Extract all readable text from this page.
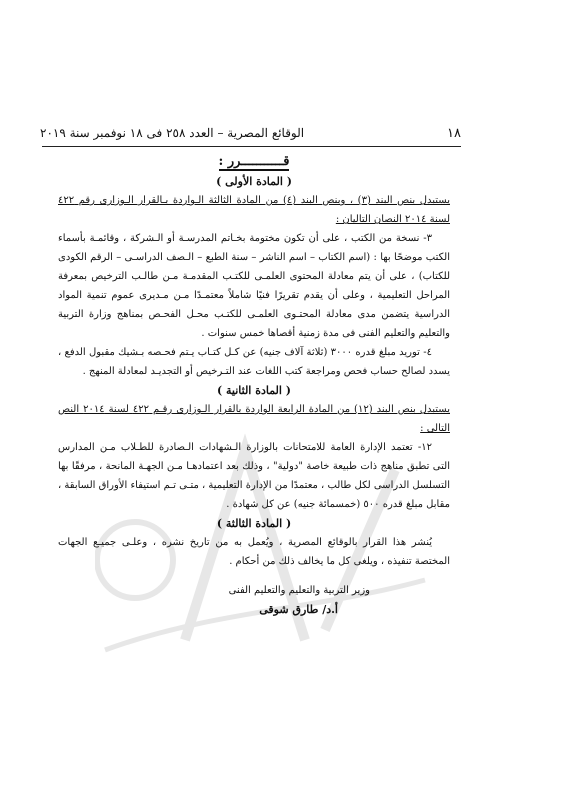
١٨
الوقائع المصرية – العدد ٢٥٨ فى ١٨ نوفمبر سنة ٢٠١٩
قـــــــــــرر :
( المادة الأولى )

يستبدل بنص البند (٣) ، وبنص البند (٤) من المادة الثالثة الـواردة بـالقرار الـوزارى رقم ٤٢٢ لسنة ٢٠١٤ النصان التاليان :

٣- نسخة من الكتب ، على أن تكون مختومة بخـاتم المدرسـة أو الـشركة ، وقائمـة بأسماء الكتب موضحًا بها : (اسم الكتاب – اسم الناشر – سنة الطبع – الـصف الدراسـى – الرقم الكودى للكتاب) ، على أن يتم معادلة المحتوى العلمـى للكتـب المقدمـة مـن طالـب الترخيص بمعرفة المراحل التعليمية ، وعلى أن يقدم تقريرًا فنيًا شاملاً معتمـدًا مـن مـديرى عموم تنمية المواد الدراسية يتضمن مدى معادلة المحتـوى العلمـى للكتـب محـل الفحـص بمناهج وزارة التربية والتعليم والتعليم الفنى فى مدة زمنية أقصاها خمس سنوات .

٤- توريد مبلغ قدره ٣٠٠٠ (ثلاثة آلاف جنيه) عن كـل كتـاب يـتم فحـصه بـشيك مقبول الدفع ، يسدد لصالح حساب فحص ومراجعة كتب اللغات عند التـرخيص أو التجديـد لمعادلة المنهج .

( المادة الثانية )

يستبدل بنص البند (١٢) من المادة الرابعة الواردة بالقرار الـوزارى رقـم ٤٢٢ لسنة ٢٠١٤ النص التالى :

١٢- تعتمد الإدارة العامة للامتحانات بالوزارة الـشهادات الـصادرة للطـلاب مـن المدارس التى تطبق مناهج ذات طبيعة خاصة "دولية" ، وذلك بعد اعتمادهـا مـن الجهـة المانحة ، مرفقًا بها التسلسل الدراسى لكل طالب ، معتمدًا من الإدارة التعليمية ، متـى تـم استيفاء الأوراق السابقة ، مقابل مبلغ قدره ٥٠٠ (خمسمائة جنيه) عن كل شهادة .

( المادة الثالثة )

يُنشر هذا القرار بالوقائع المصرية ، ويُعمل به من تاريخ نشره ، وعلـى جميـع الجهات المختصة تنفيذه ، ويلغى كل ما يخالف ذلك من أحكام .

وزير التربية والتعليم والتعليم الفنى
أ.د/ طارق شوقى
